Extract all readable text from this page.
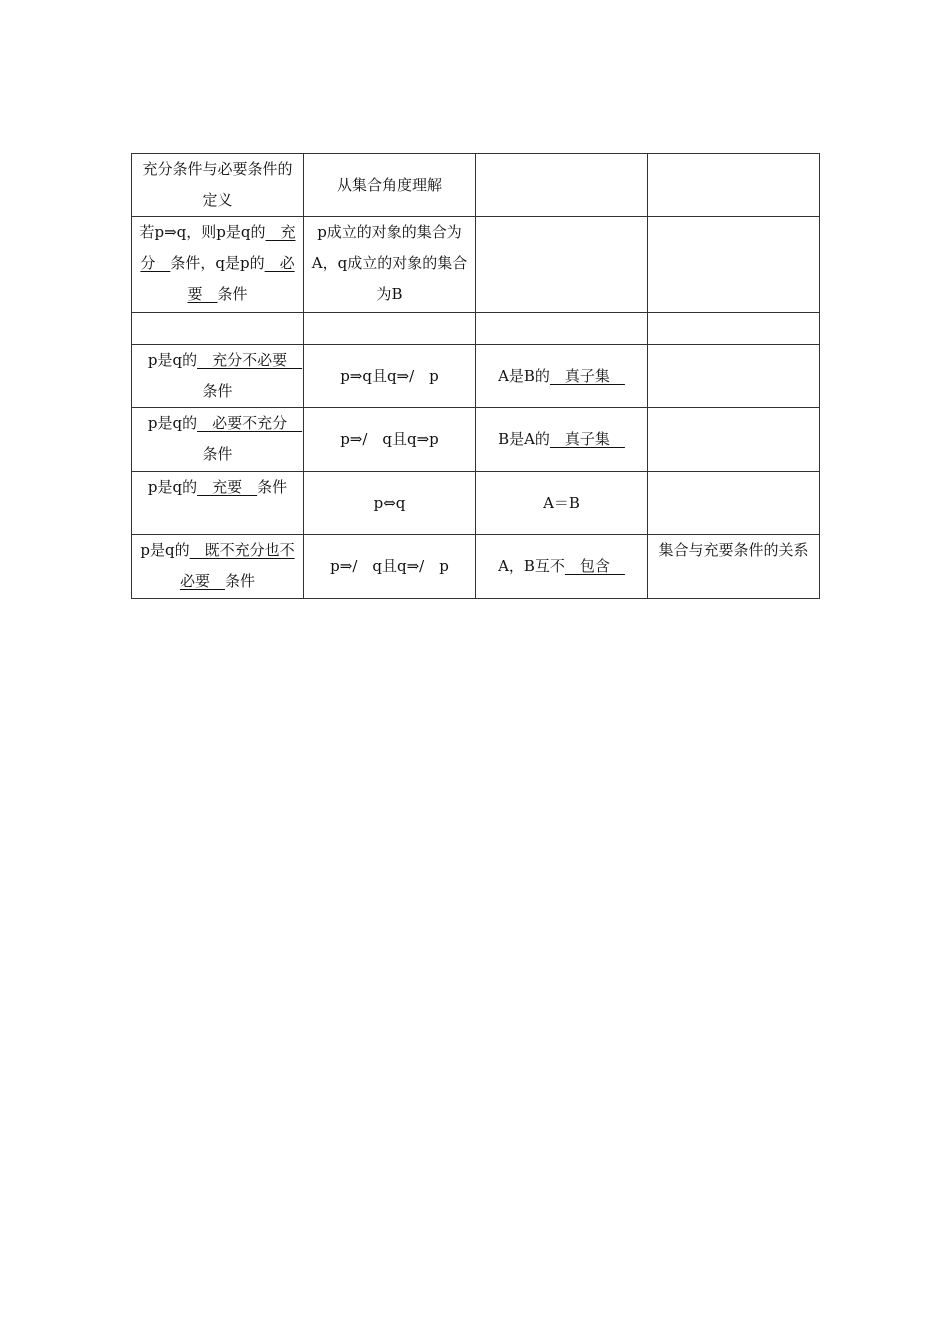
充分条件与必要条件的定义	从集合角度理解		
若p⇒q，则p是q的　充分　条件，q是p的　必要　条件	p成立的对象的集合为A，q成立的对象的集合为B		

p是q的　充分不必要　条件	p⇒q且q⇒/　p	A是B的　真子集　	
p是q的　必要不充分　条件	p⇒/　q且q⇒p	B是A的　真子集　	
p是q的　充要　条件	p⇔q	A＝B	
p是q的　既不充分也不必要　条件	p⇒/　q且q⇒/　p	A，B互不　包含　	集合与充要条件的关系
